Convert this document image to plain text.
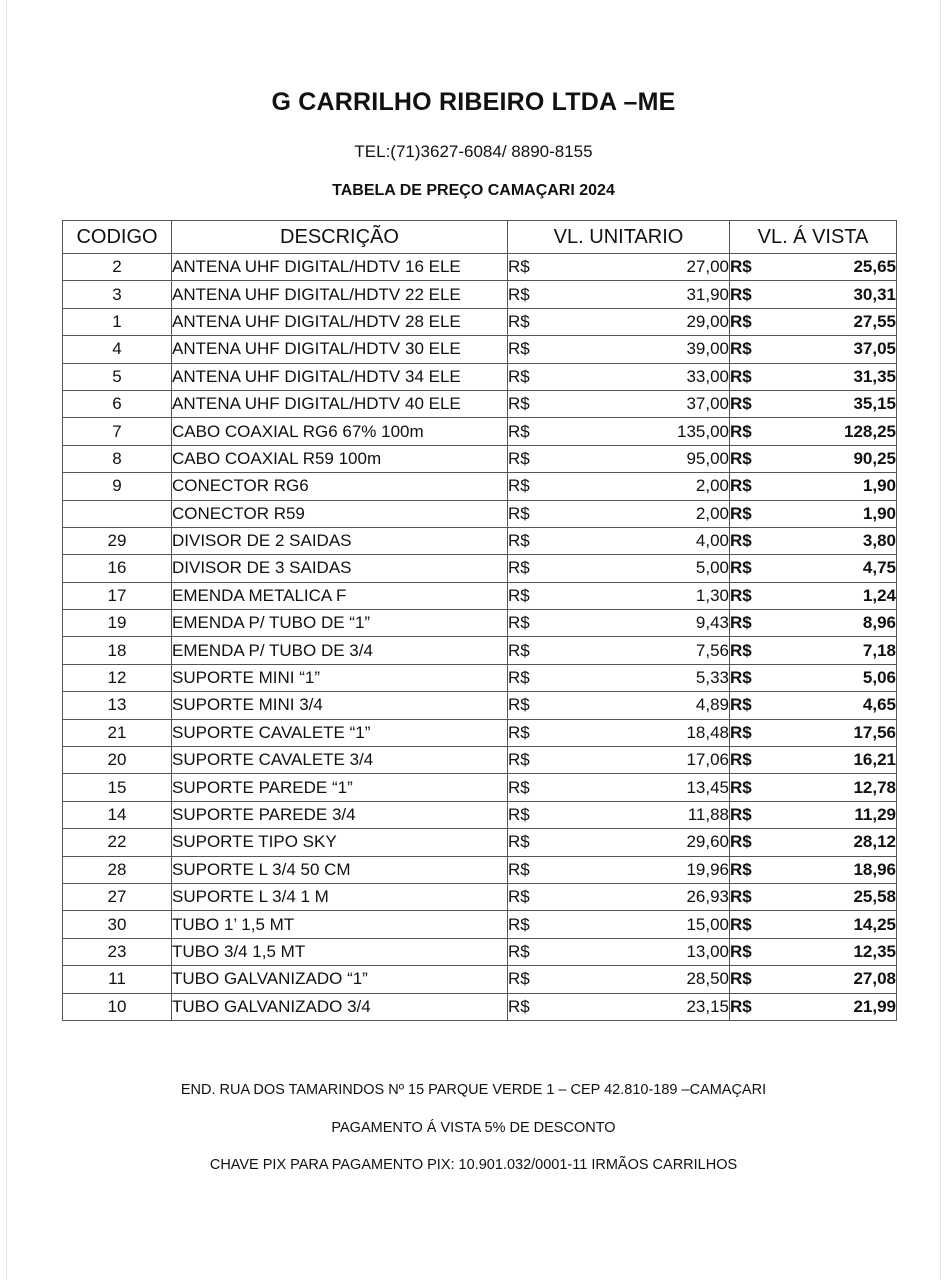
G CARRILHO RIBEIRO LTDA –ME
TEL:(71)3627-6084/ 8890-8155
TABELA DE PREÇO CAMAÇARI 2024
CODIGO	DESCRIÇÃO	VL. UNITARIO	VL. Á VISTA
2	ANTENA UHF DIGITAL/HDTV 16 ELE	R$ 27,00	R$ 25,65

3	ANTENA UHF DIGITAL/HDTV 22 ELE	R$ 31,90	R$ 30,31

1	ANTENA UHF DIGITAL/HDTV 28 ELE	R$ 29,00	R$ 27,55

4	ANTENA UHF DIGITAL/HDTV 30 ELE	R$ 39,00	R$ 37,05

5	ANTENA UHF DIGITAL/HDTV 34 ELE	R$ 33,00	R$ 31,35

6	ANTENA UHF DIGITAL/HDTV 40 ELE	R$ 37,00	R$ 35,15

7	CABO COAXIAL RG6 67% 100m	R$ 135,00	R$ 128,25

8	CABO COAXIAL R59 100m	R$ 95,00	R$ 90,25

9	CONECTOR RG6	R$ 2,00	R$ 1,90

	CONECTOR R59	R$ 2,00	R$ 1,90

29	DIVISOR DE 2 SAIDAS	R$ 4,00	R$ 3,80

16	DIVISOR DE 3 SAIDAS	R$ 5,00	R$ 4,75

17	EMENDA METALICA F	R$ 1,30	R$ 1,24

19	EMENDA P/ TUBO DE “1”	R$ 9,43	R$ 8,96

18	EMENDA P/ TUBO DE 3/4	R$ 7,56	R$ 7,18

12	SUPORTE MINI “1”	R$ 5,33	R$ 5,06

13	SUPORTE MINI 3/4	R$ 4,89	R$ 4,65

21	SUPORTE CAVALETE “1”	R$ 18,48	R$ 17,56

20	SUPORTE CAVALETE 3/4	R$ 17,06	R$ 16,21

15	SUPORTE PAREDE “1”	R$ 13,45	R$ 12,78

14	SUPORTE PAREDE 3/4	R$ 11,88	R$ 11,29

22	SUPORTE TIPO SKY	R$ 29,60	R$ 28,12

28	SUPORTE L 3/4 50 CM	R$ 19,96	R$ 18,96

27	SUPORTE L 3/4 1 M	R$ 26,93	R$ 25,58

30	TUBO 1’ 1,5 MT	R$ 15,00	R$ 14,25

23	TUBO 3/4 1,5 MT	R$ 13,00	R$ 12,35

11	TUBO GALVANIZADO “1”	R$ 28,50	R$ 27,08

10	TUBO GALVANIZADO 3/4	R$ 23,15	R$ 21,99
END. RUA DOS TAMARINDOS Nº 15 PARQUE VERDE 1 – CEP 42.810-189 –CAMAÇARI
PAGAMENTO Á VISTA 5% DE DESCONTO
CHAVE PIX PARA PAGAMENTO PIX: 10.901.032/0001-11 IRMÃOS CARRILHOS
